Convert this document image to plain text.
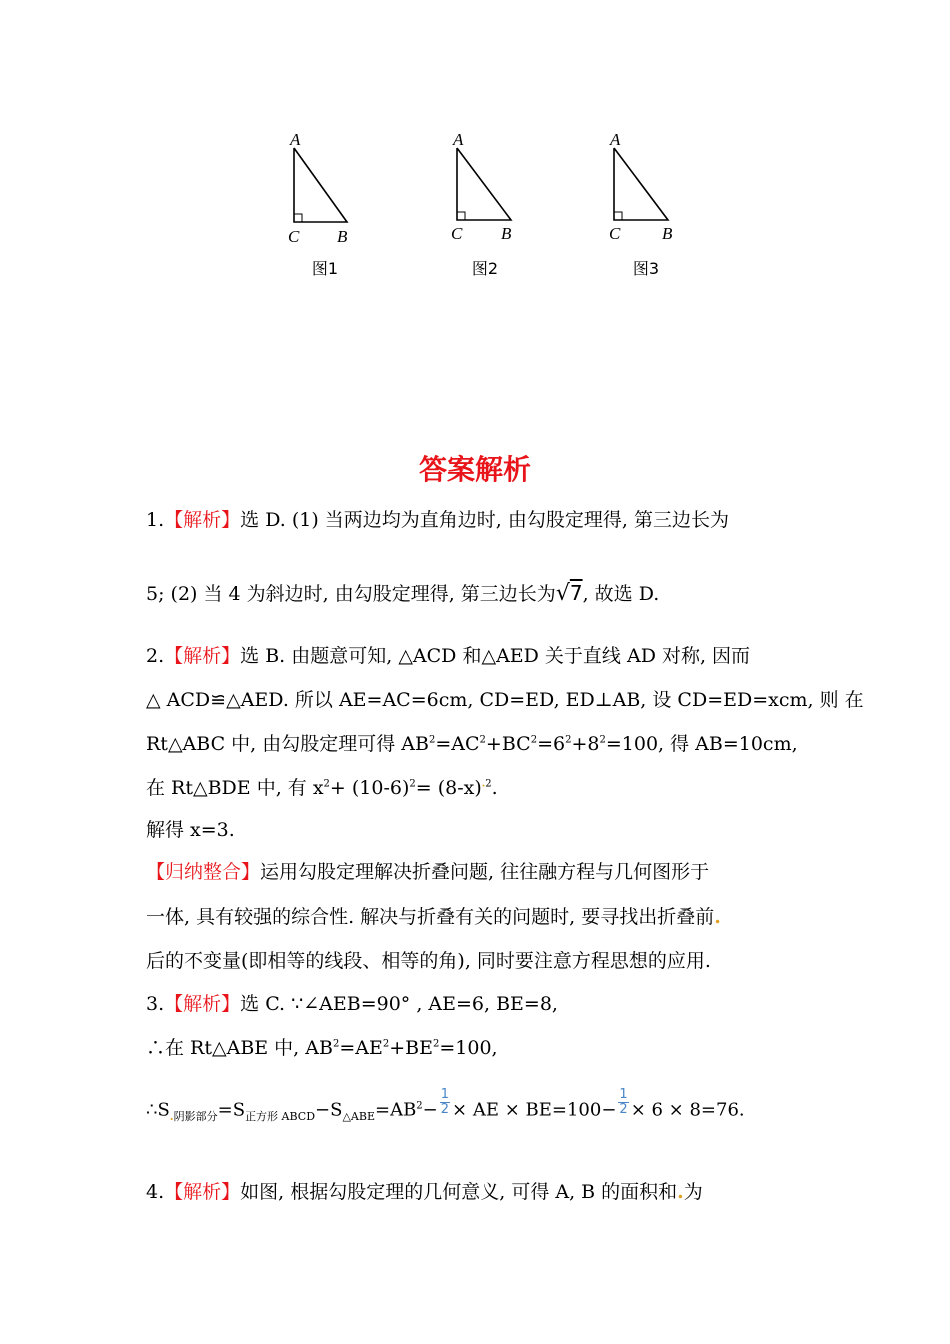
A
C B
图1
A
C B
图2
A
C B
图3
答案解析
1.【解析】选 D. (1) 当两边均为直角边时, 由勾股定理得, 第三边长为
5; (2) 当 4 为斜边时, 由勾股定理得, 第三边长为√7, 故选 D.
2.【解析】选 B. 由题意可知, △ACD 和△AED 关于直线 AD 对称, 因而
△ ACD≌△AED. 所以 AE=AC=6cm, CD=ED, ED⊥AB, 设 CD=ED=xcm, 则 在
Rt△ABC 中, 由勾股定理可得 $AB^2=AC^2+BC^2=6^2+8^2=100$, 得 AB=10cm,
在 Rt△BDE 中, 有 $x^2+ (10-6)^2= (8-x)^{.2}$.
解得 x=3.
【归纳整合】运用勾股定理解决折叠问题, 往往融方程与几何图形于
一体, 具有较强的综合性. 解决与折叠有关的问题时, 要寻找出折叠前.
后的不变量(即相等的线段、相等的角), 同时要注意方程思想的应用.
3.【解析】选 C. ∵∠AEB=90° , AE=6, BE=8,
∴在 Rt△ABE 中, $AB^2=AE^2+BE^2=100$,
$\therefore S_{.阴影部分}=S_{正方形 ABCD}-S_{\triangle ABE}=AB^2- \frac{1}{2}$ × AE × $BE=100- \frac{1}{2} \times 6 \times 8=76$.
4.【解析】如图, 根据勾股定理的几何意义, 可得 A, B 的面积和.为
